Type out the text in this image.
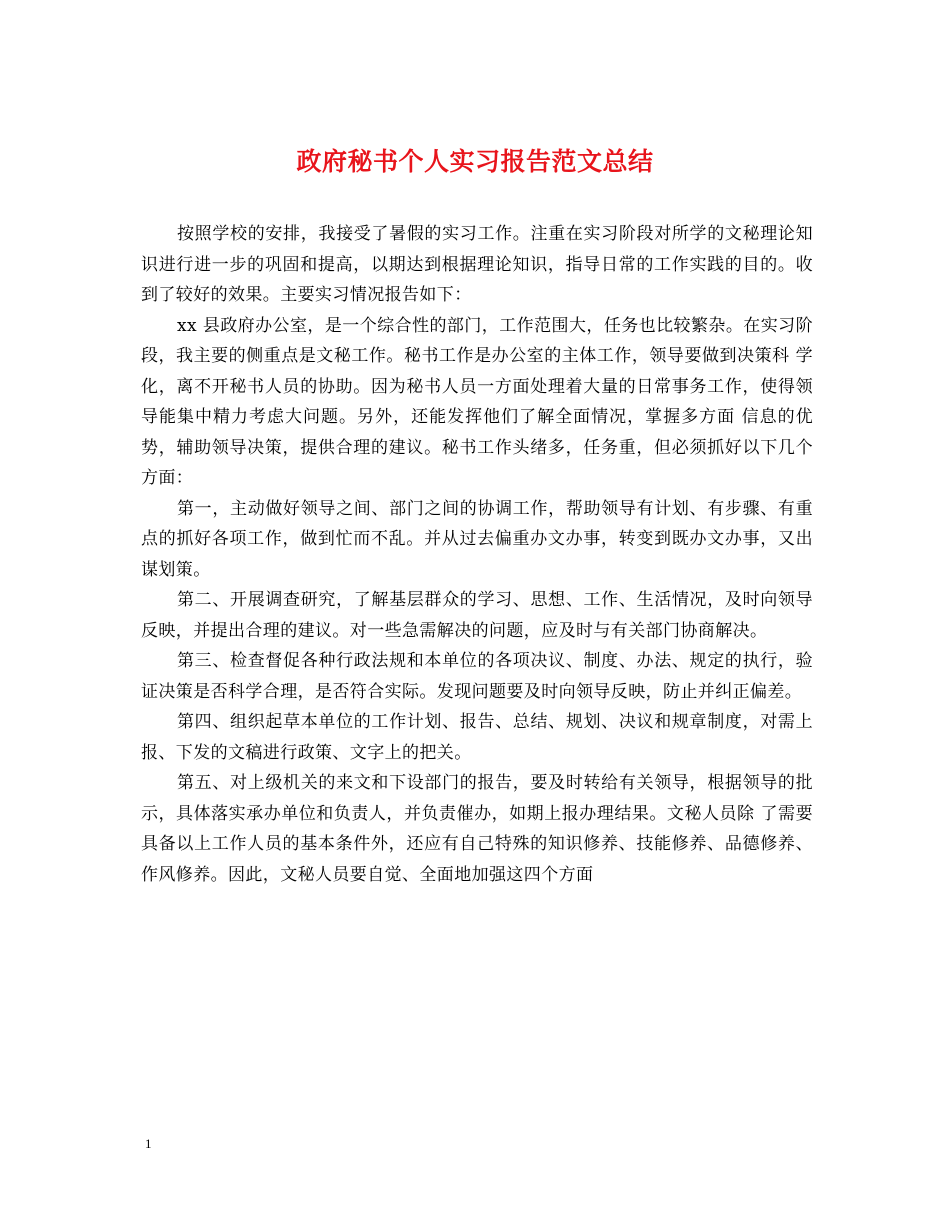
政府秘书个人实习报告范文总结

按照学校的安排，我接受了暑假的实习工作。注重在实习阶段对所学的文秘理论知识进行进一步的巩固和提高，以期达到根据理论知识，指导日常的工作实践的目的。收到了较好的效果。主要实习情况报告如下：

xx 县政府办公室，是一个综合性的部门，工作范围大，任务也比较繁杂。在实习阶段，我主要的侧重点是文秘工作。秘书工作是办公室的主体工作，领导要做到决策科 学化，离不开秘书人员的协助。因为秘书人员一方面处理着大量的日常事务工作，使得领导能集中精力考虑大问题。另外，还能发挥他们了解全面情况，掌握多方面 信息的优势，辅助领导决策，提供合理的建议。秘书工作头绪多，任务重，但必须抓好以下几个方面：

第一，主动做好领导之间、部门之间的协调工作，帮助领导有计划、有步骤、有重点的抓好各项工作，做到忙而不乱。并从过去偏重办文办事，转变到既办文办事，又出谋划策。

第二、开展调查研究，了解基层群众的学习、思想、工作、生活情况，及时向领导反映，并提出合理的建议。对一些急需解决的问题，应及时与有关部门协商解决。

第三、检查督促各种行政法规和本单位的各项决议、制度、办法、规定的执行，验证决策是否科学合理，是否符合实际。发现问题要及时向领导反映，防止并纠正偏差。

第四、组织起草本单位的工作计划、报告、总结、规划、决议和规章制度，对需上报、下发的文稿进行政策、文字上的把关。

第五、对上级机关的来文和下设部门的报告，要及时转给有关领导，根据领导的批示，具体落实承办单位和负责人，并负责催办，如期上报办理结果。文秘人员除 了需要具备以上工作人员的基本条件外，还应有自己特殊的知识修养、技能修养、品德修养、作风修养。因此，文秘人员要自觉、全面地加强这四个方面

1
